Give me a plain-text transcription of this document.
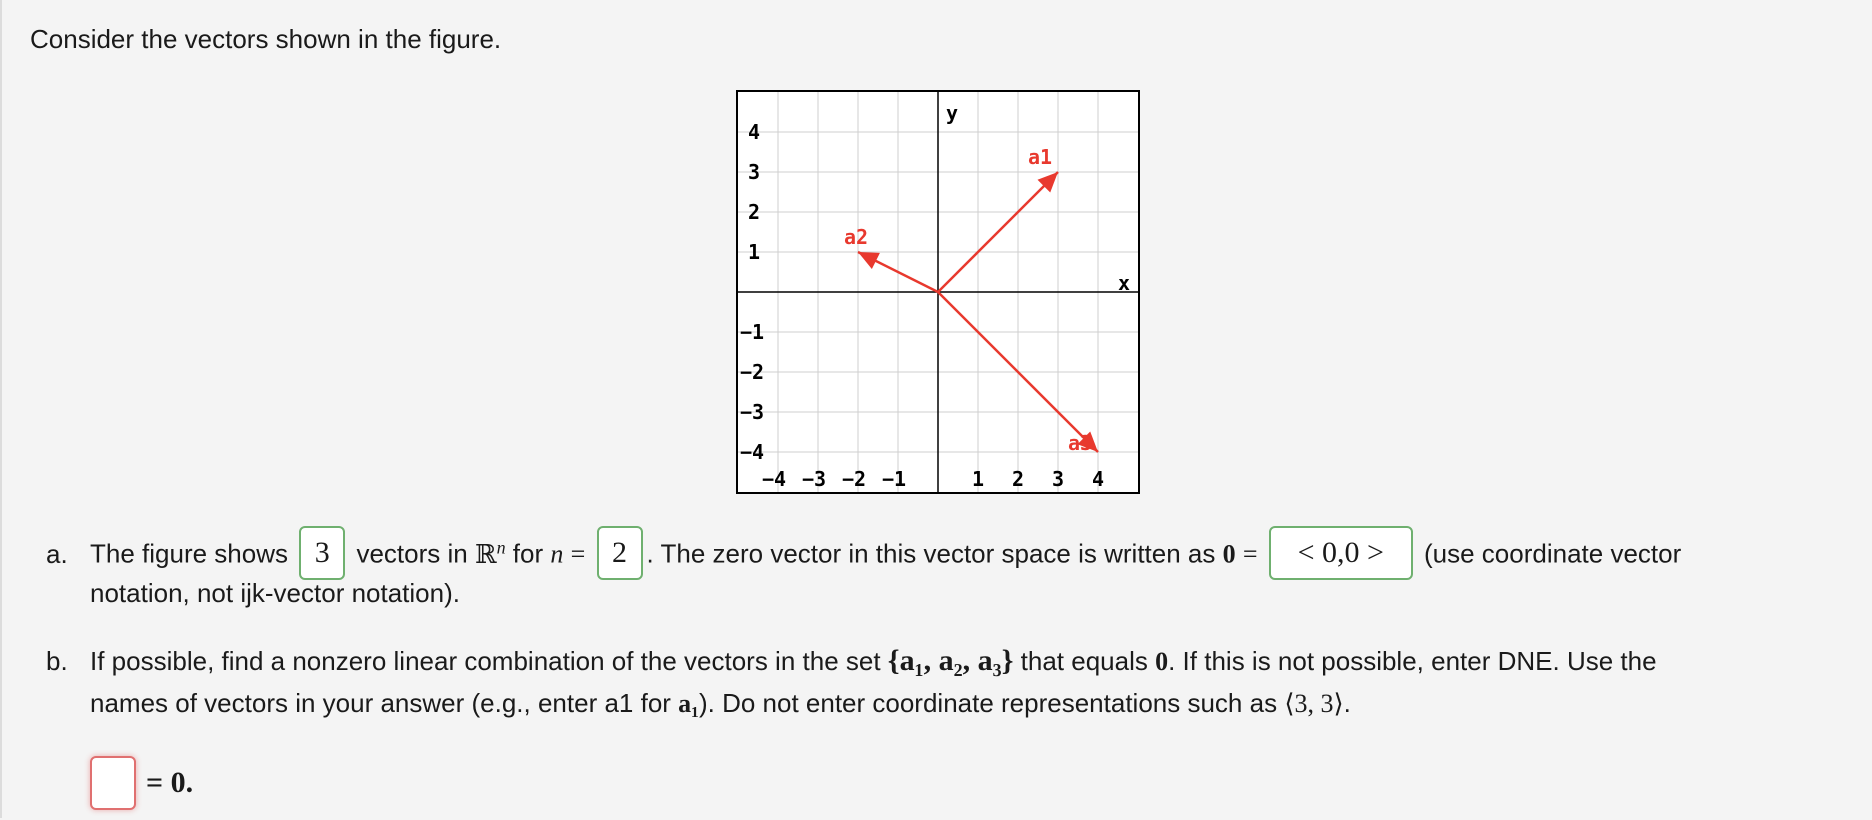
Consider the vectors shown in the figure.
y
x
4
3
2
1
−1
−2
−3
−4
−4 −3 −2 −1	1 2 3 4
a1
a2
a3
a. The figure shows 3 vectors in ℝ$^n$ for n = 2 . The zero vector in this vector space is written as 0 = < 0,0 > (use coordinate vector
notation, not ijk-vector notation).
b. If possible, find a nonzero linear combination of the vectors in the set {a₁, a₂, a₃} that equals 0. If this is not possible, enter DNE. Use the
names of vectors in your answer (e.g., enter a1 for a₁). Do not enter coordinate representations such as ⟨3, 3⟩.
= 0.
